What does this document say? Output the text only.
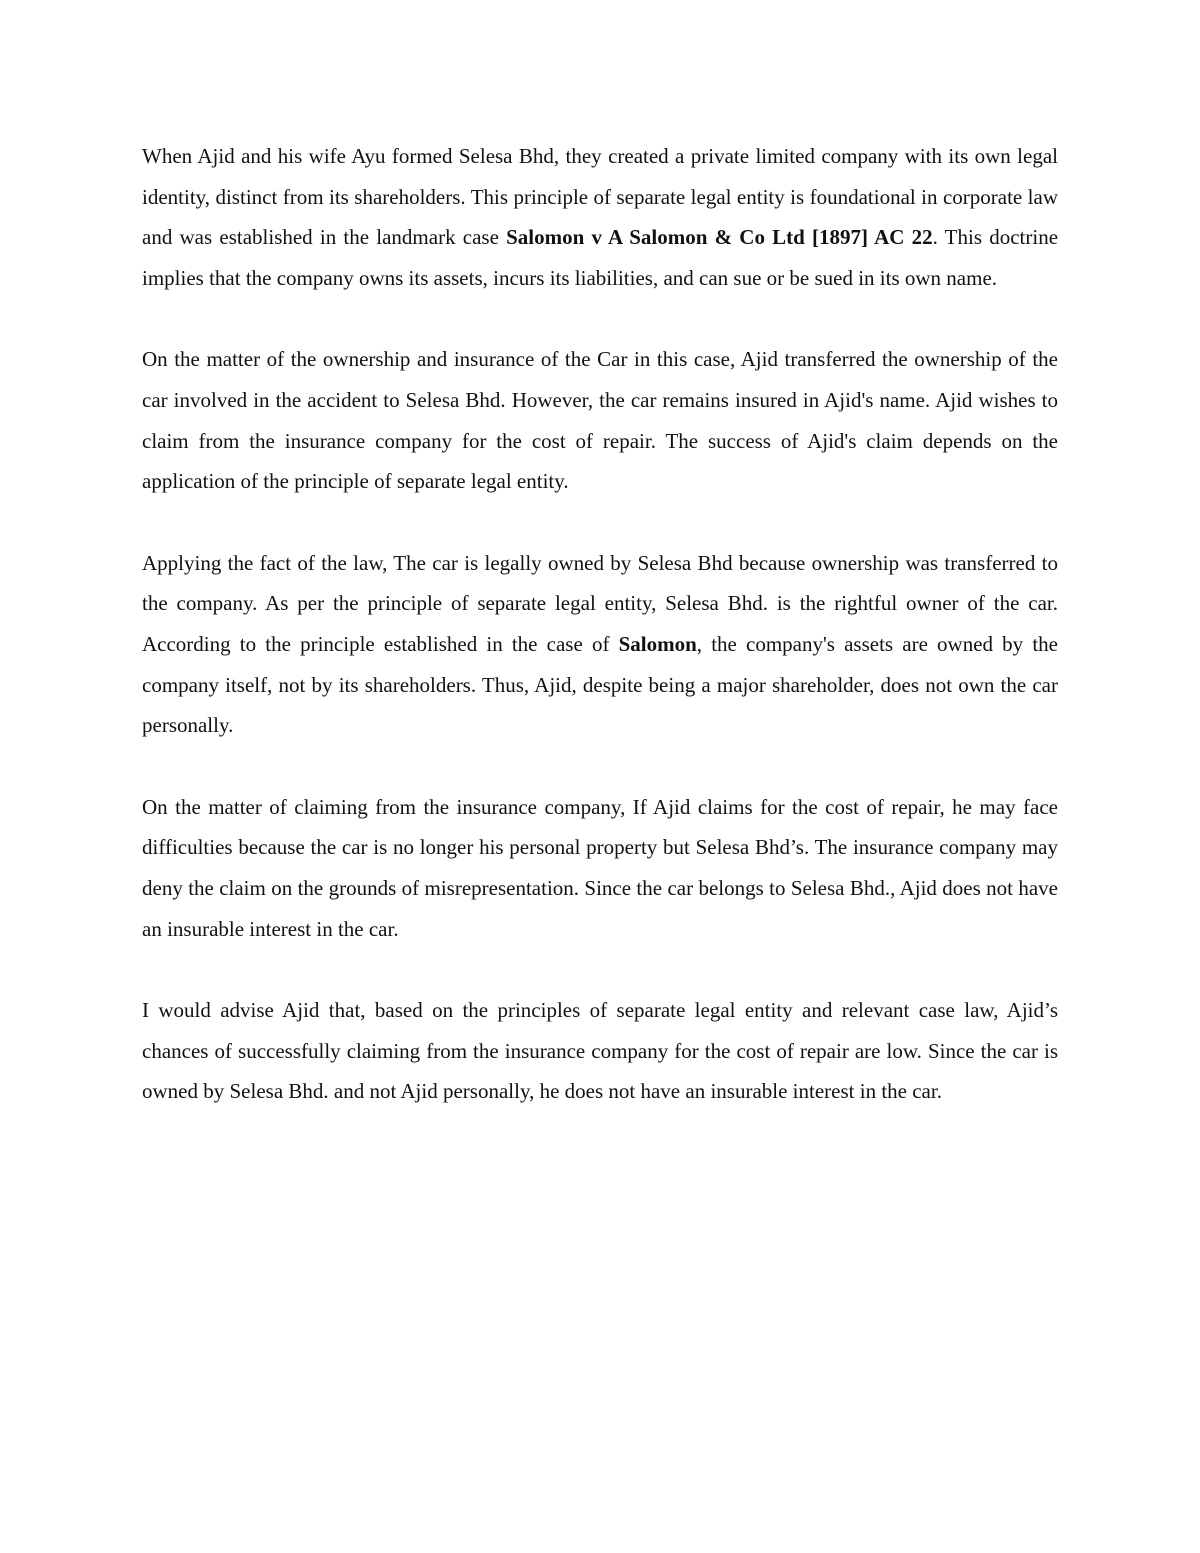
When Ajid and his wife Ayu formed Selesa Bhd, they created a private limited company with its own legal identity, distinct from its shareholders. This principle of separate legal entity is foundational in corporate law and was established in the landmark case Salomon v A Salomon & Co Ltd [1897] AC 22. This doctrine implies that the company owns its assets, incurs its liabilities, and can sue or be sued in its own name.

On the matter of the ownership and insurance of the Car in this case, Ajid transferred the ownership of the car involved in the accident to Selesa Bhd. However, the car remains insured in Ajid's name. Ajid wishes to claim from the insurance company for the cost of repair. The success of Ajid's claim depends on the application of the principle of separate legal entity.

Applying the fact of the law, The car is legally owned by Selesa Bhd because ownership was transferred to the company. As per the principle of separate legal entity, Selesa Bhd. is the rightful owner of the car. According to the principle established in the case of Salomon, the company's assets are owned by the company itself, not by its shareholders. Thus, Ajid, despite being a major shareholder, does not own the car personally.

On the matter of claiming from the insurance company, If Ajid claims for the cost of repair, he may face difficulties because the car is no longer his personal property but Selesa Bhd’s. The insurance company may deny the claim on the grounds of misrepresentation. Since the car belongs to Selesa Bhd., Ajid does not have an insurable interest in the car.

I would advise Ajid that, based on the principles of separate legal entity and relevant case law, Ajid’s chances of successfully claiming from the insurance company for the cost of repair are low. Since the car is owned by Selesa Bhd. and not Ajid personally, he does not have an insurable interest in the car.
